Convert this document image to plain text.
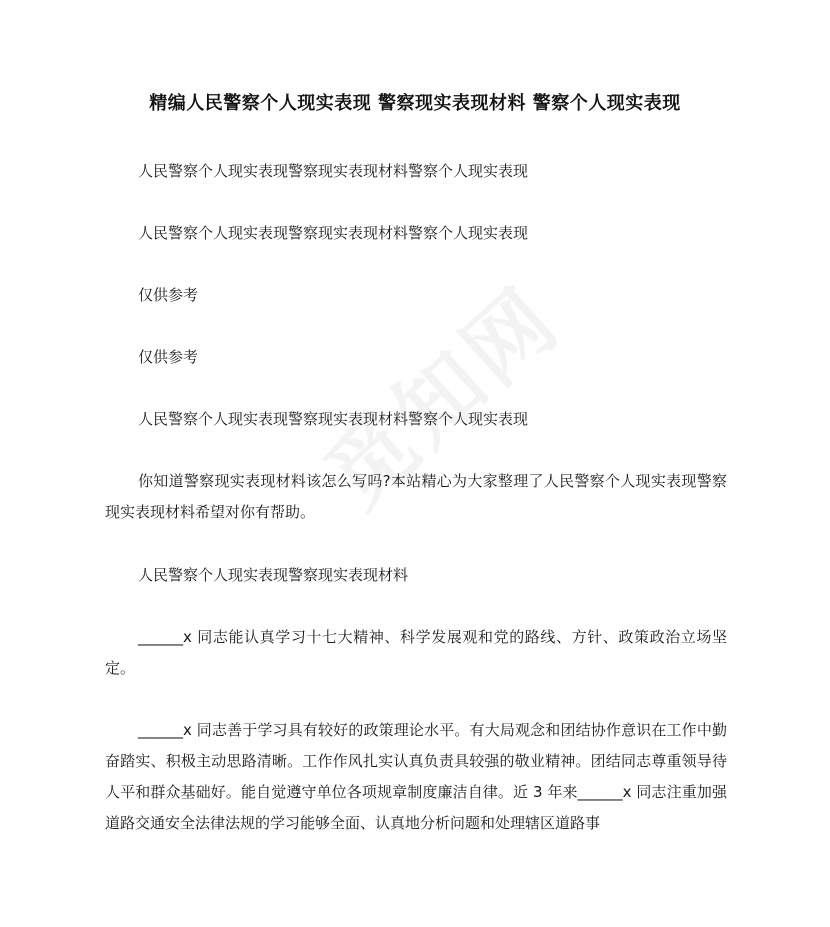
精编人民警察个人现实表现 警察现实表现材料 警察个人现实表现

人民警察个人现实表现警察现实表现材料警察个人现实表现

人民警察个人现实表现警察现实表现材料警察个人现实表现

仅供参考

仅供参考

人民警察个人现实表现警察现实表现材料警察个人现实表现

你知道警察现实表现材料该怎么写吗?本站精心为大家整理了人民警察个人现实表现警察现实表现材料希望对你有帮助。

人民警察个人现实表现警察现实表现材料

______x 同志能认真学习十七大精神、科学发展观和党的路线、方针、政策政治立场坚定。

______x 同志善于学习具有较好的政策理论水平。有大局观念和团结协作意识在工作中勤奋踏实、积极主动思路清晰。工作作风扎实认真负责具较强的敬业精神。团结同志尊重领导待人平和群众基础好。能自觉遵守单位各项规章制度廉洁自律。近 3 年来______x 同志注重加强道路交通安全法律法规的学习能够全面、认真地分析问题和处理辖区道路事
